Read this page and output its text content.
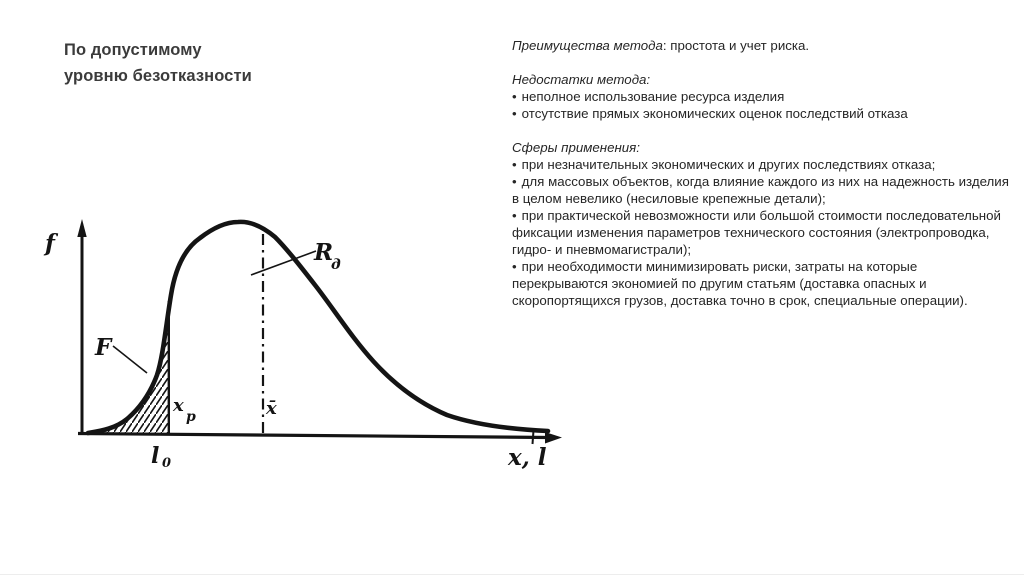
По допустимому
уровню безотказности
f
F
x
р
l 0
x̄
R
д
x, l

Преимущества метода: простота и учет риска.

Недостатки метода:
• неполное использование ресурса изделия
• отсутствие прямых экономических оценок последствий отказа
Сферы применения:
• при незначительных экономических и других последствиях отказа;
• для массовых объектов, когда влияние каждого из них на надежность изделия в целом невелико (несиловые крепежные детали);
• при практической невозможности или большой стоимости последовательной фиксации изменения параметров технического состояния (электропроводка, гидро- и пневмомагистрали);
• при необходимости минимизировать риски, затраты на которые перекрываются экономией по другим статьям (доставка опасных и скоропортящихся грузов, доставка точно в срок, специальные операции).
